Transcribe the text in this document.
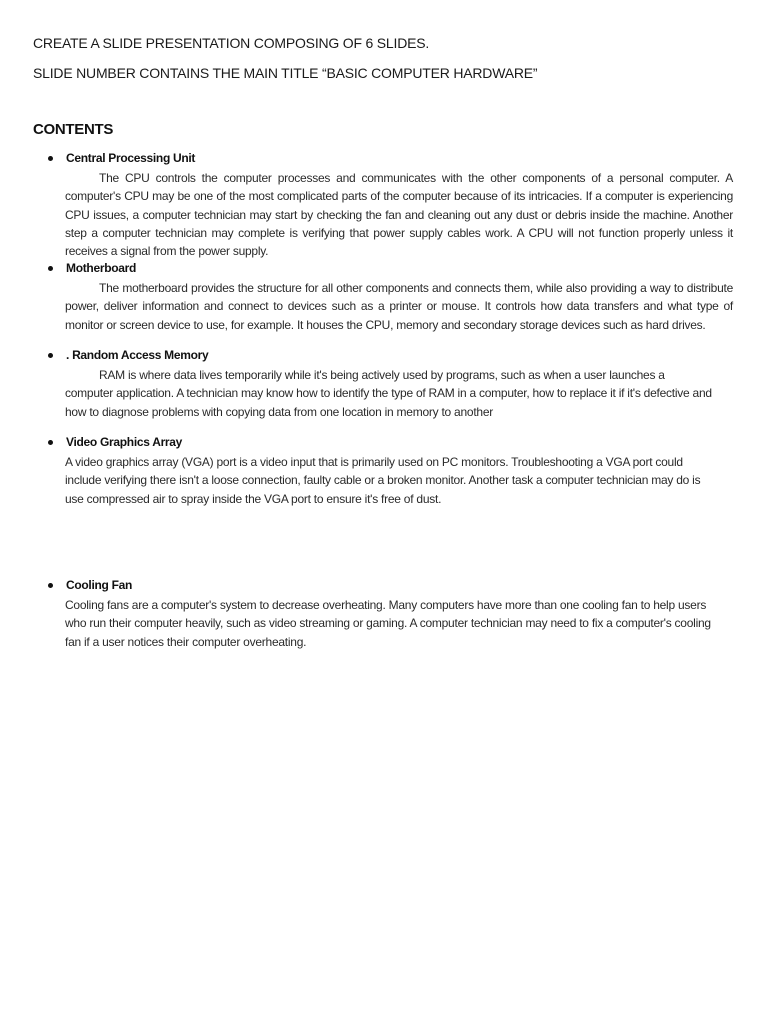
CREATE A SLIDE PRESENTATION COMPOSING OF 6 SLIDES.
SLIDE NUMBER CONTAINS THE MAIN TITLE “BASIC COMPUTER HARDWARE”
CONTENTS
Central Processing Unit
The CPU controls the computer processes and communicates with the other components of a personal computer. A computer's CPU may be one of the most complicated parts of the computer because of its intricacies. If a computer is experiencing CPU issues, a computer technician may start by checking the fan and cleaning out any dust or debris inside the machine. Another step a computer technician may complete is verifying that power supply cables work. A CPU will not function properly unless it receives a signal from the power supply.
Motherboard
The motherboard provides the structure for all other components and connects them, while also providing a way to distribute power, deliver information and connect to devices such as a printer or mouse. It controls how data transfers and what type of monitor or screen device to use, for example. It houses the CPU, memory and secondary storage devices such as hard drives.
. Random Access Memory
RAM is where data lives temporarily while it's being actively used by programs, such as when a user launches a computer application. A technician may know how to identify the type of RAM in a computer, how to replace it if it's defective and how to diagnose problems with copying data from one location in memory to another
Video Graphics Array
A video graphics array (VGA) port is a video input that is primarily used on PC monitors. Troubleshooting a VGA port could include verifying there isn't a loose connection, faulty cable or a broken monitor. Another task a computer technician may do is use compressed air to spray inside the VGA port to ensure it's free of dust.
Cooling Fan
Cooling fans are a computer's system to decrease overheating. Many computers have more than one cooling fan to help users who run their computer heavily, such as video streaming or gaming. A computer technician may need to fix a computer's cooling fan if a user notices their computer overheating.
